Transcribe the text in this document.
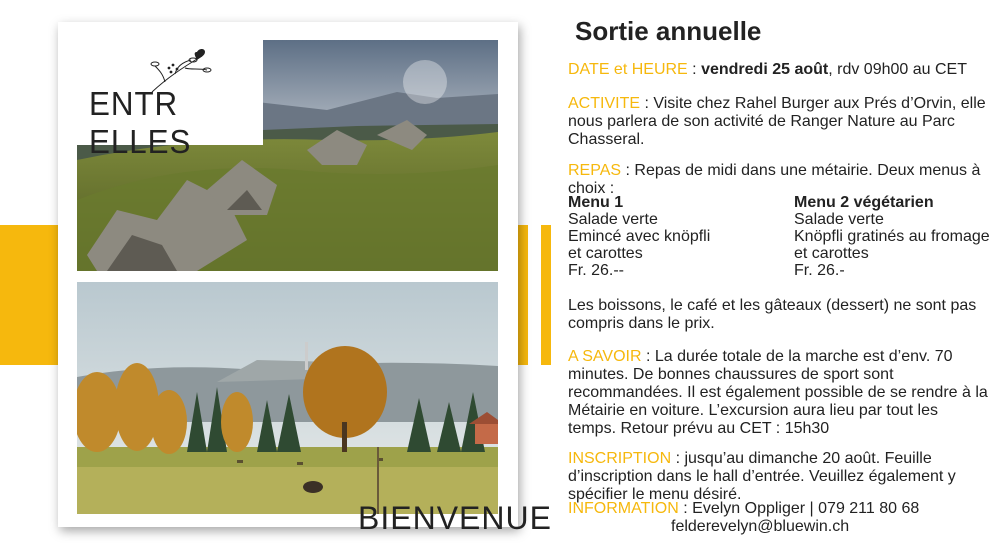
ENTR ELLES
BIENVENUE
Sortie annuelle

DATE et HEURE : vendredi 25 août, rdv 09h00 au CET

ACTIVITE : Visite chez Rahel Burger aux Prés d’Orvin, elle nous parlera de son activité de Ranger Nature au Parc Chasseral.

REPAS : Repas de midi dans une métairie. Deux menus à choix :

Menu 1
Salade verte
Emincé avec knöpfli
et carottes
Fr. 26.--
Menu 2 végétarien
Salade verte
Knöpfli gratinés au fromage
et carottes
Fr. 26.-

Les boissons, le café et les gâteaux (dessert) ne sont pas compris dans le prix.

A SAVOIR : La durée totale de la marche est d’env. 70 minutes. De bonnes chaussures de sport sont recommandées. Il est également possible de se rendre à la Métairie en voiture. L’excursion aura lieu par tout les temps. Retour prévu au CET : 15h30

INSCRIPTION : jusqu’au dimanche 20 août. Feuille d’inscription dans le hall d’entrée. Veuillez également y spécifier le menu désiré.

INFORMATION : Evelyn Oppliger | 079 211 80 68
felderevelyn@bluewin.ch
